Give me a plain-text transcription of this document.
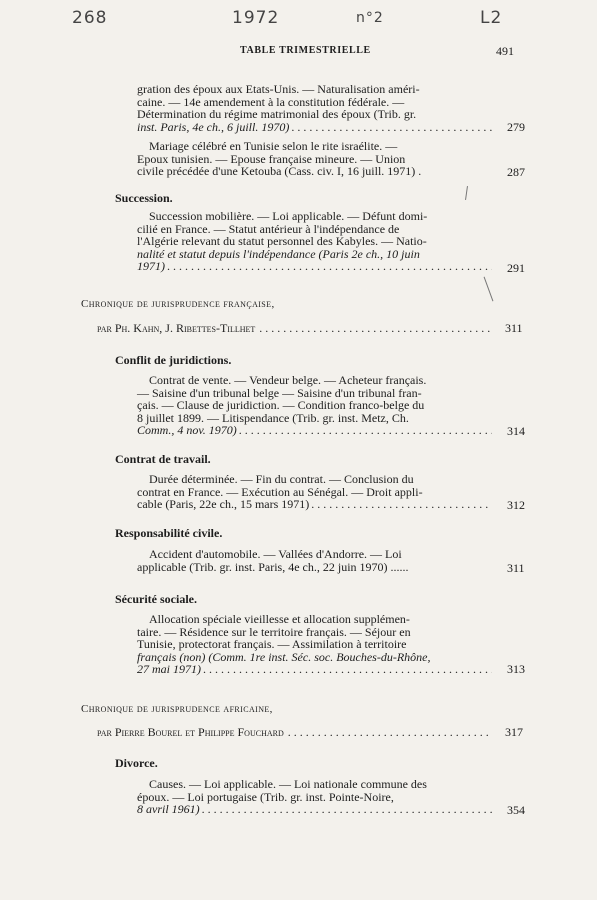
268	1972	n°2	L2
TABLE TRIMESTRIELLE	491
gration des époux aux Etats-Unis. — Naturalisation améri-
caine. — 14e amendement à la constitution fédérale. —
Détermination du régime matrimonial des époux (Trib. gr.
inst. Paris, 4e ch., 6 juill. 1970) . . .	279
Mariage célébré en Tunisie selon le rite israélite. —
Epoux tunisien. — Epouse française mineure. — Union
civile précédée d'une Ketouba (Cass. civ. I, 16 juill. 1971) .	287
Succession.
Succession mobilière. — Loi applicable. — Défunt domi-
cilié en France. — Statut antérieur à l'indépendance de
l'Algérie relevant du statut personnel des Kabyles. — Natio-
nalité et statut depuis l'indépendance (Paris 2e ch., 10 juin
1971) . . .	291
Chronique de jurisprudence française,
par Ph. Kahn, J. Ribettes-Tillhet . . .	311
Conflit de juridictions.
Contrat de vente. — Vendeur belge. — Acheteur français.
— Saisine d'un tribunal belge — Saisine d'un tribunal fran-
çais. — Clause de juridiction. — Condition franco-belge du
8 juillet 1899. — Litispendance (Trib. gr. inst. Metz, Ch.
Comm., 4 nov. 1970) . . .	314
Contrat de travail.
Durée déterminée. — Fin du contrat. — Conclusion du
contrat en France. — Exécution au Sénégal. — Droit appli-
cable (Paris, 22e ch., 15 mars 1971) . . .	312
Responsabilité civile.
Accident d'automobile. — Vallées d'Andorre. — Loi
applicable (Trib. gr. inst. Paris, 4e ch., 22 juin 1970) ......	311
Sécurité sociale.
Allocation spéciale vieillesse et allocation supplémen-
taire. — Résidence sur le territoire français. — Séjour en
Tunisie, protectorat français. — Assimilation à territoire
français (non) (Comm. 1re inst. Séc. soc. Bouches-du-Rhône,
27 mai 1971) . . .	313
Chronique de jurisprudence africaine,
par Pierre Bourel et Philippe Fouchard . . .	317
Divorce.
Causes. — Loi applicable. — Loi nationale commune des
époux. — Loi portugaise (Trib. gr. inst. Pointe-Noire,
8 avril 1961) . . .	354
